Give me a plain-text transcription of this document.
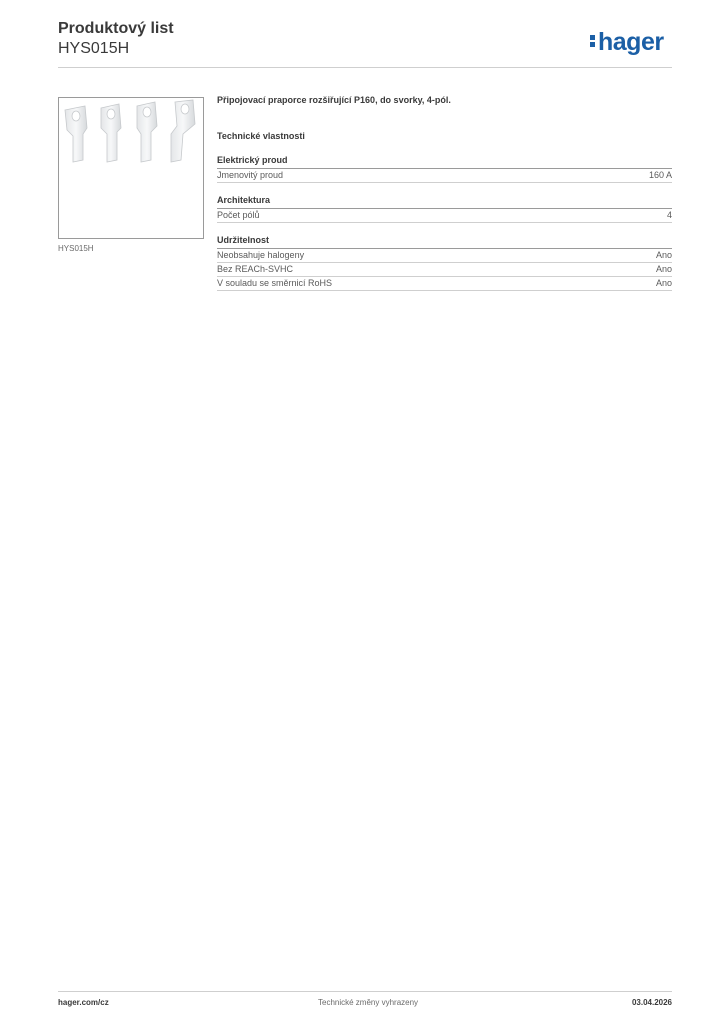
Produktový list
HYS015H	hager
HYS015H
Připojovací praporce rozšiřující P160, do svorky, 4-pól.
Technické vlastnosti
Elektrický proud
Jmenovitý proud	160 A
Architektura
Počet pólů	4
Udržitelnost
Neobsahuje halogeny	Ano
Bez REACh-SVHC	Ano
V souladu se směrnicí RoHS	Ano
hager.com/cz	Technické změny vyhrazeny	03.04.2026
